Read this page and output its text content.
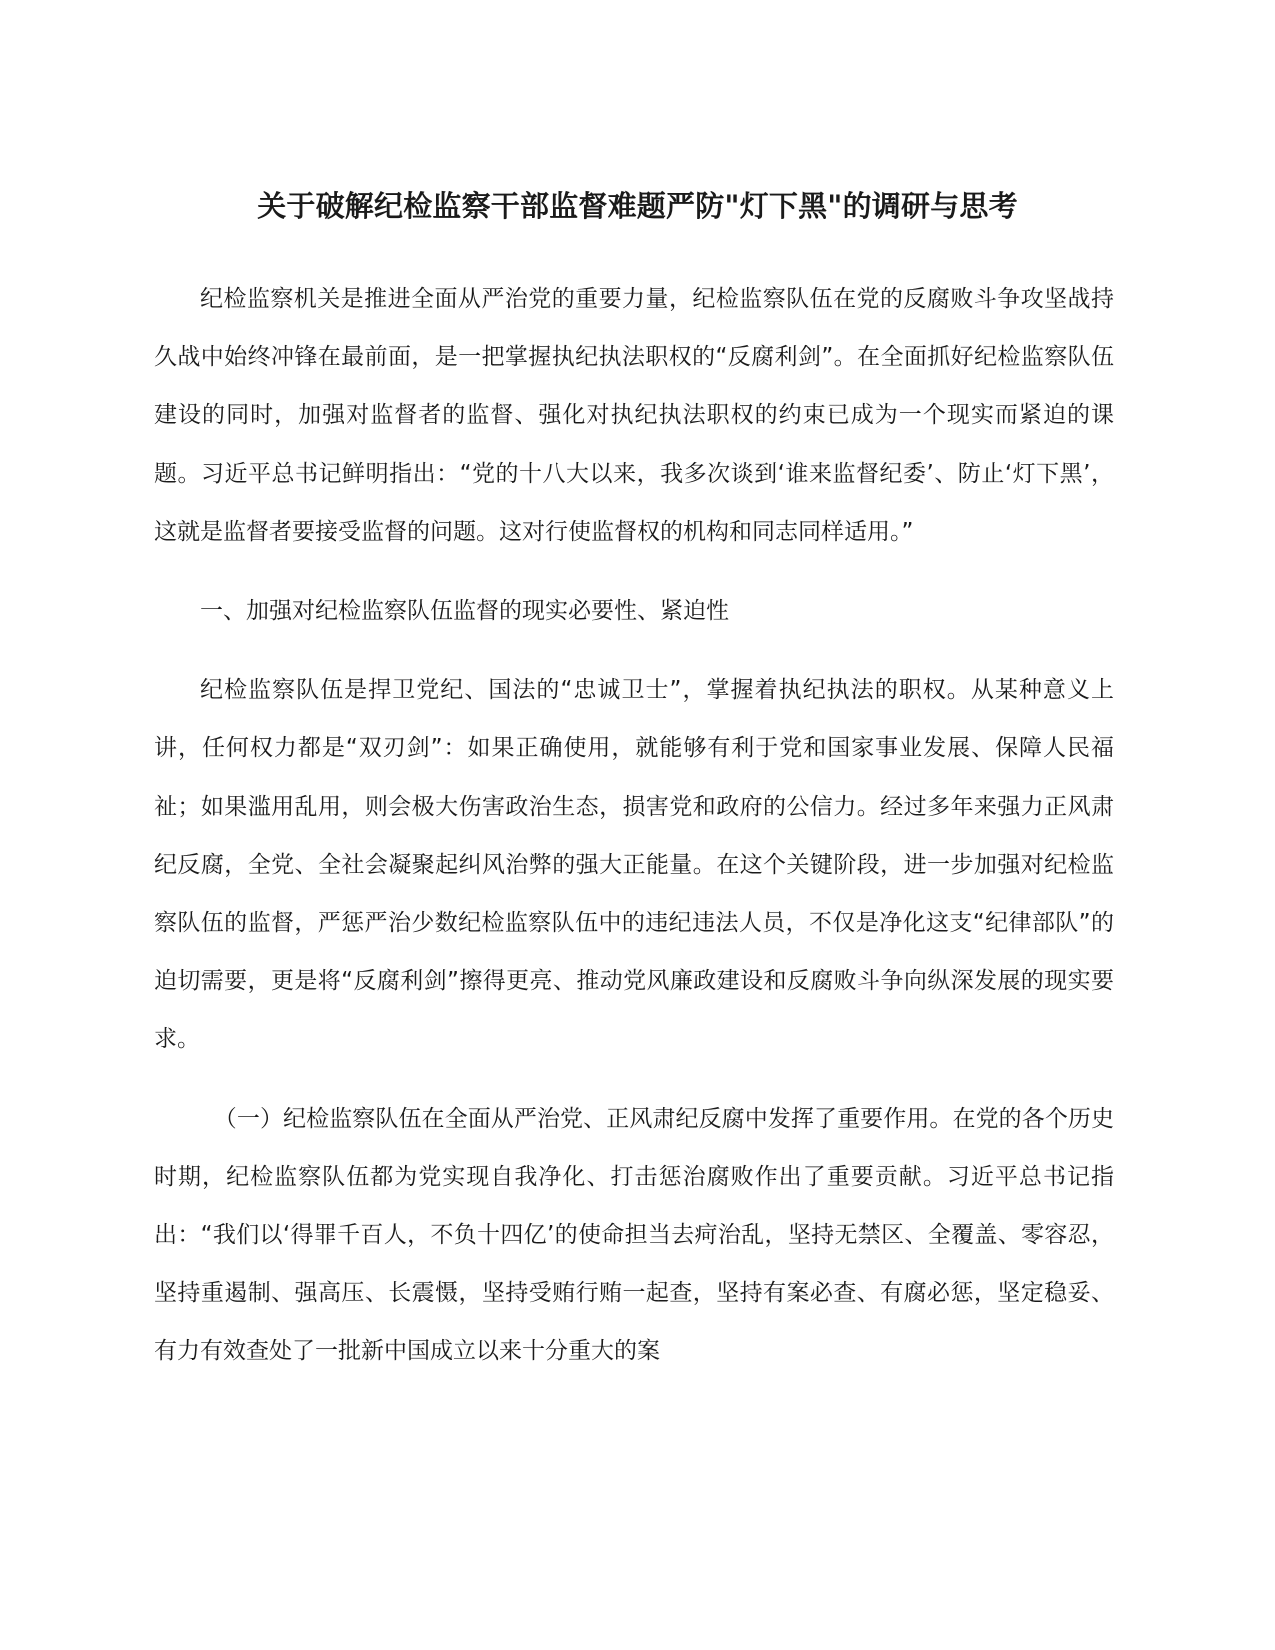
关于破解纪检监察干部监督难题严防"灯下黑"的调研与思考

纪检监察机关是推进全面从严治党的重要力量，纪检监察队伍在党的反腐败斗争攻坚战持久战中始终冲锋在最前面，是一把掌握执纪执法职权的“反腐利剑”。在全面抓好纪检监察队伍建设的同时，加强对监督者的监督、强化对执纪执法职权的约束已成为一个现实而紧迫的课题。习近平总书记鲜明指出：“党的十八大以来，我多次谈到‘谁来监督纪委’、防止‘灯下黑’，这就是监督者要接受监督的问题。这对行使监督权的机构和同志同样适用。”

一、加强对纪检监察队伍监督的现实必要性、紧迫性

纪检监察队伍是捍卫党纪、国法的“忠诚卫士”，掌握着执纪执法的职权。从某种意义上讲，任何权力都是“双刃剑”：如果正确使用，就能够有利于党和国家事业发展、保障人民福祉；如果滥用乱用，则会极大伤害政治生态，损害党和政府的公信力。经过多年来强力正风肃纪反腐，全党、全社会凝聚起纠风治弊的强大正能量。在这个关键阶段，进一步加强对纪检监察队伍的监督，严惩严治少数纪检监察队伍中的违纪违法人员，不仅是净化这支“纪律部队”的迫切需要，更是将“反腐利剑”擦得更亮、推动党风廉政建设和反腐败斗争向纵深发展的现实要求。

（一）纪检监察队伍在全面从严治党、正风肃纪反腐中发挥了重要作用。在党的各个历史时期，纪检监察队伍都为党实现自我净化、打击惩治腐败作出了重要贡献。习近平总书记指出：“我们以‘得罪千百人，不负十四亿’的使命担当去疴治乱，坚持无禁区、全覆盖、零容忍，坚持重遏制、强高压、长震慑，坚持受贿行贿一起查，坚持有案必查、有腐必惩，坚定稳妥、有力有效查处了一批新中国成立以来十分重大的案
